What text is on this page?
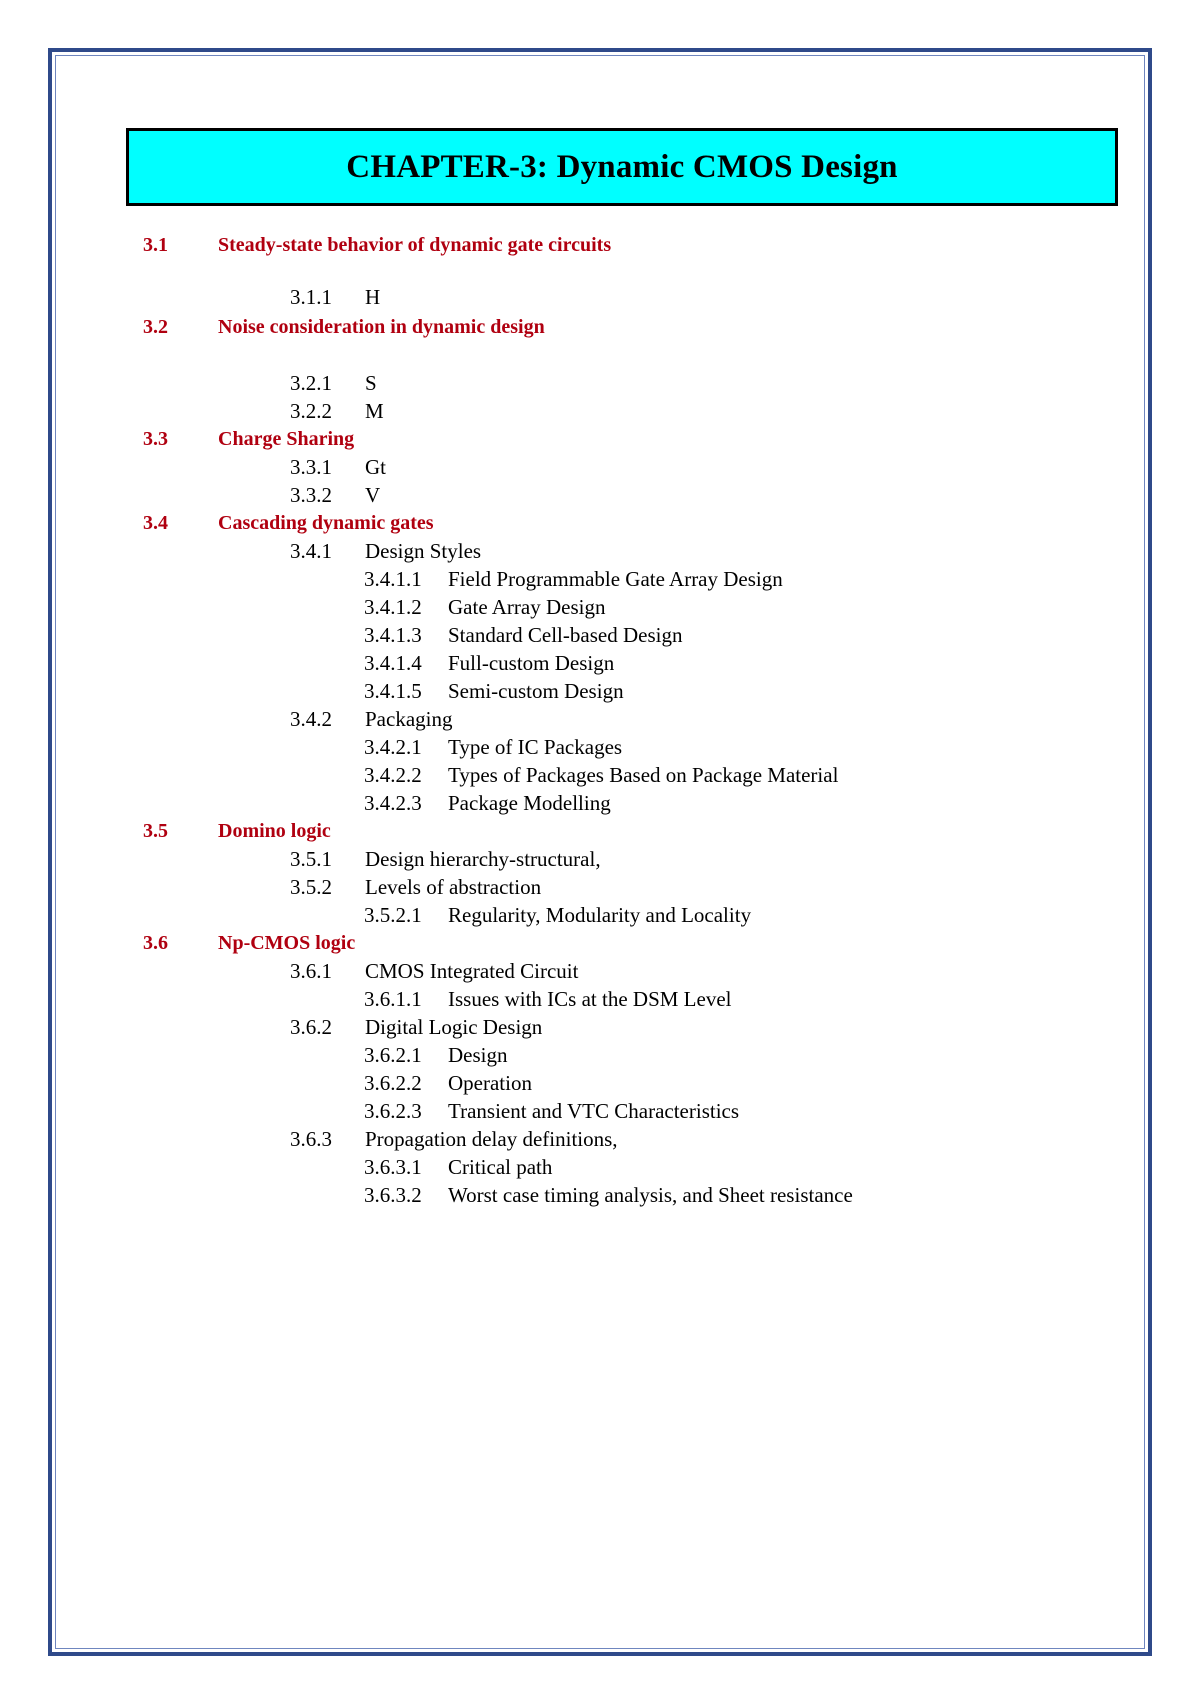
CHAPTER-3: Dynamic CMOS Design
3.1	Steady-state behavior of dynamic gate circuits
3.1.1 H
3.2	Noise consideration in dynamic design
3.2.1 S
3.2.2 M
3.3	Charge Sharing
3.3.1 Gt
3.3.2 V
3.4	Cascading dynamic gates
3.4.1 Design Styles
3.4.1.1 Field Programmable Gate Array Design
3.4.1.2 Gate Array Design
3.4.1.3 Standard Cell-based Design
3.4.1.4 Full-custom Design
3.4.1.5 Semi-custom Design
3.4.2 Packaging
3.4.2.1 Type of IC Packages
3.4.2.2 Types of Packages Based on Package Material
3.4.2.3 Package Modelling
3.5	Domino logic
3.5.1 Design hierarchy-structural,
3.5.2 Levels of abstraction
3.5.2.1 Regularity, Modularity and Locality
3.6	Np-CMOS logic
3.6.1 CMOS Integrated Circuit
3.6.1.1 Issues with ICs at the DSM Level
3.6.2 Digital Logic Design
3.6.2.1 Design
3.6.2.2 Operation
3.6.2.3 Transient and VTC Characteristics
3.6.3 Propagation delay definitions,
3.6.3.1 Critical path
3.6.3.2 Worst case timing analysis, and Sheet resistance
